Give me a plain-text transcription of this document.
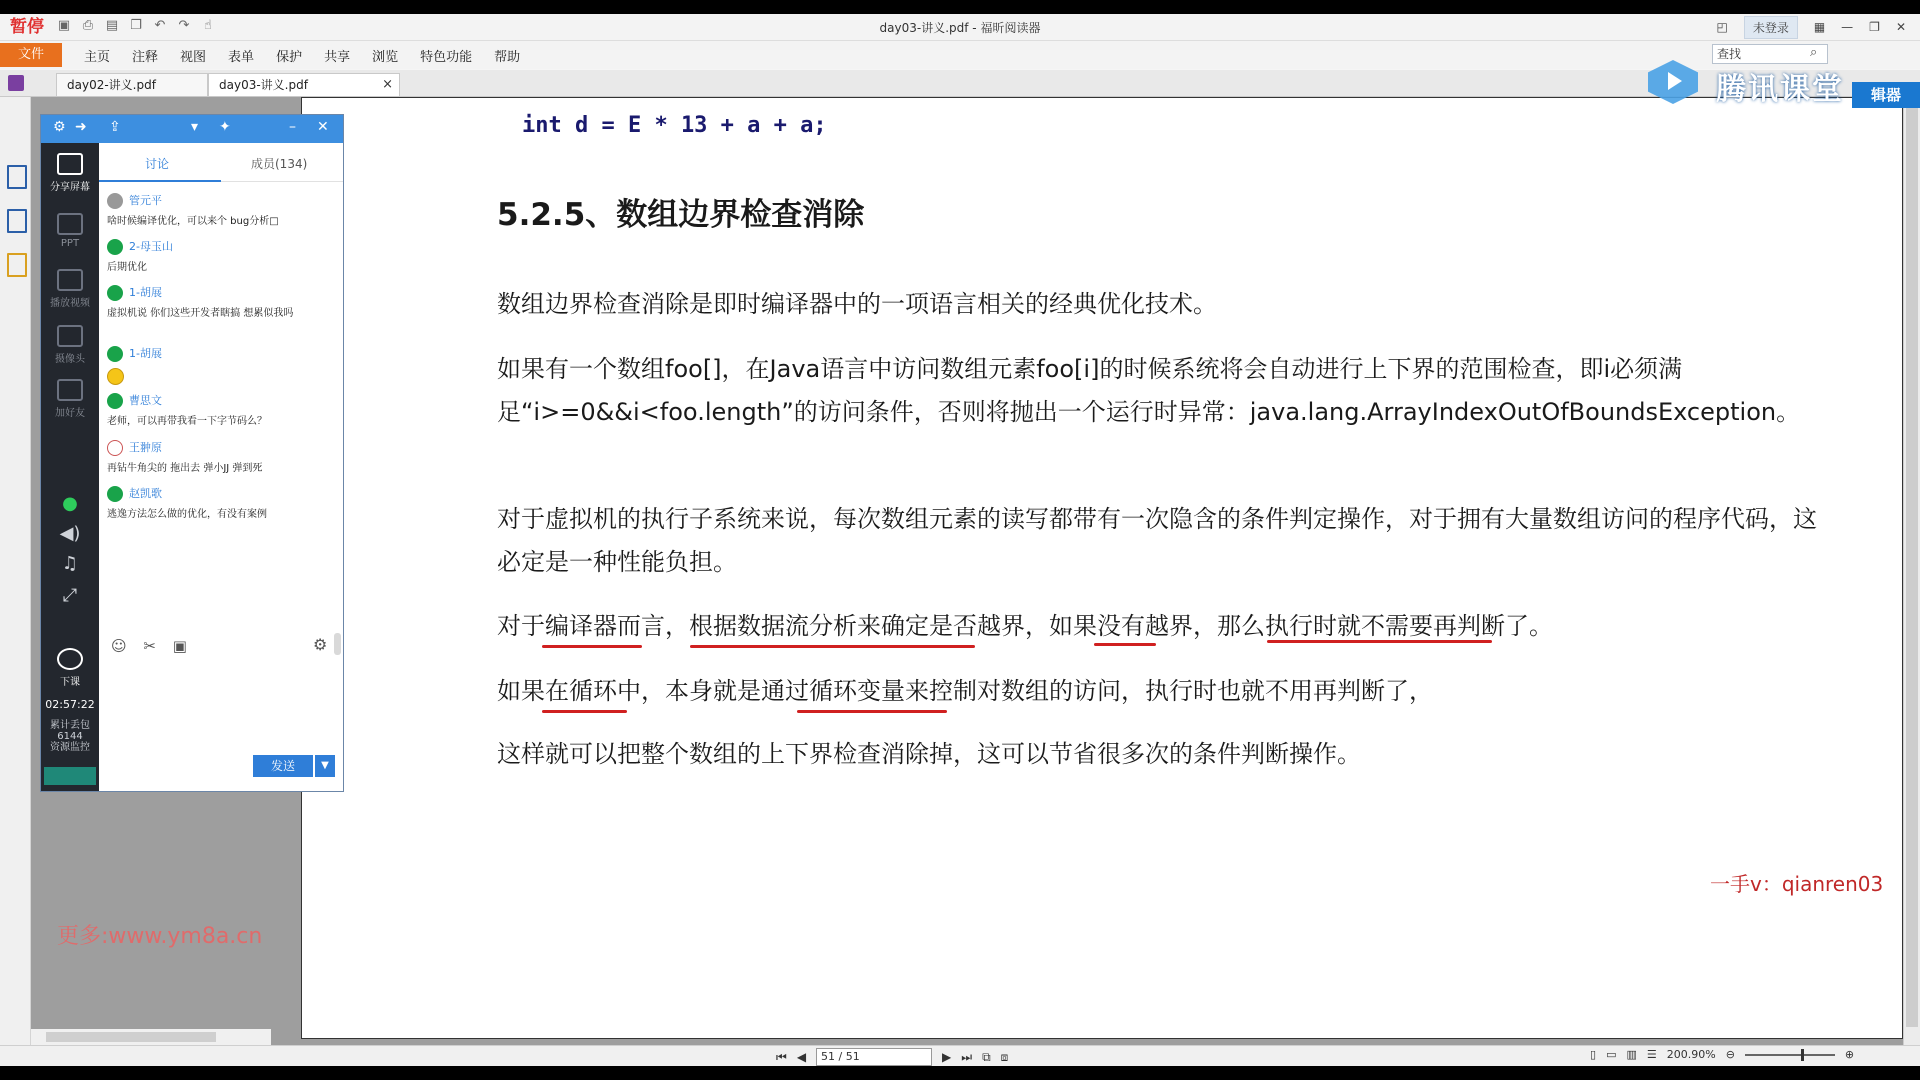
暂停 ▣ ⎙ ▤ ❐ ↶ ↷	☝	day03-讲义.pdf - 福昕阅读器	◰	未登录	▦ — ❐ ✕
文件	主页 注释 视图 表单 保护 共享 浏览 特色功能 帮助	查找	⌕
day02-讲义.pdf	day03-讲义.pdf	×
int d = E * 13 + a + a;
5.2.5、数组边界检查消除
数组边界检查消除是即时编译器中的一项语言相关的经典优化技术。
如果有一个数组foo[]，在Java语言中访问数组元素foo[i]的时候系统将会自动进行上下界的范围检查，即i必须满足“i>=0&&i<foo.length”的访问条件，否则将抛出一个运行时异常：java.lang.ArrayIndexOutOfBoundsException。
对于虚拟机的执行子系统来说，每次数组元素的读写都带有一次隐含的条件判定操作，对于拥有大量数组访问的程序代码，这必定是一种性能负担。
对于编译器而言，根据数据流分析来确定是否越界，如果没有越界，那么执行时就不需要再判断了。
如果在循环中，本身就是通过循环变量来控制对数组的访问，执行时也就不用再判断了，
这样就可以把整个数组的上下界检查消除掉，这可以节省很多次的条件判断操作。
一手v：qianren03
腾讯课堂	辑器
⚙ ➜ ⇪	▾ ✦	– ✕
分享屏幕
PPT
播放视频
摄像头
加好友
●
◀)
♫
⤢
下课
02:57:22
累计丢包
6144
资源监控
讨论	成员(134)
管元平
啥时候编译优化，可以来个 bug分析□
2-母玉山
后期优化
1-胡展
虚拟机说 你们这些开发者瞎搞 想累似我吗
1-胡展
曹思文
老师，可以再带我看一下字节码么？
王翀原
再钻牛角尖的 拖出去 弹小JJ 弹到死
赵凯歌
逃逸方法怎么做的优化，有没有案例
☺ ✂ ▣	⚙
发送	▼
更多:www.ym8a.cn
⏮ ◀	51 / 51	▶ ⏭ ⧉ ⧈	▯ ▭ ▥ ☰ 200.90% ⊖	⊕
